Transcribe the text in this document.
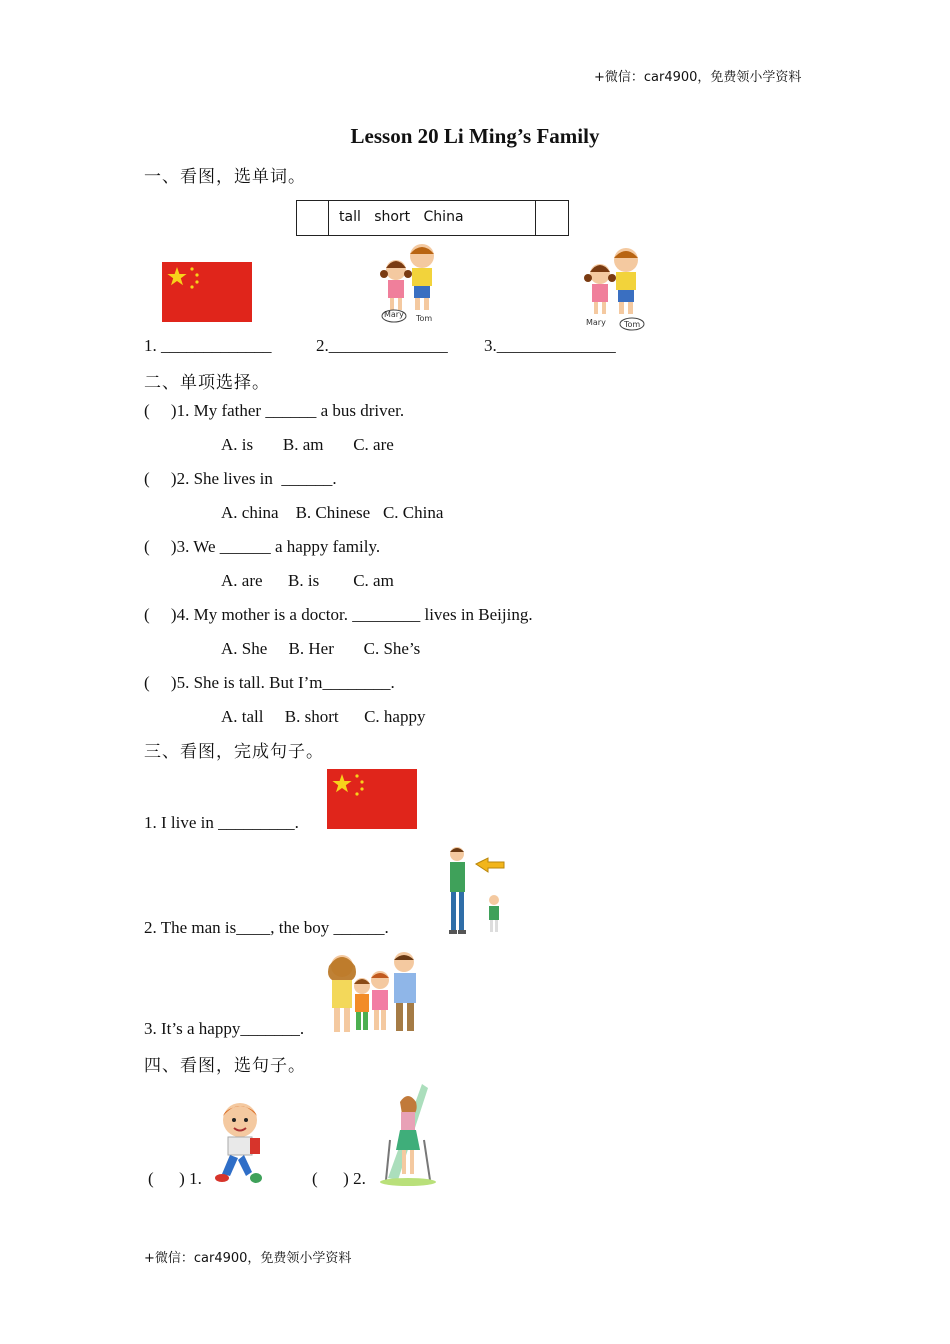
+微信：car4900，免费领小学资料
+微信：car4900，免费领小学资料
Lesson 20 Li Ming’s Family
一、看图，选单词。
tall   short   China
Mary Tom	Mary Tom
1. _____________	2.______________ 3.______________
二、单项选择。
(     )1. My father ______ a bus driver.
A. is       B. am       C. are
(     )2. She lives in  ______.
A. china    B. Chinese   C. China
(     )3. We ______ a happy family.
A. are      B. is        C. am
(     )4. My mother is a doctor. ________ lives in Beijing.
A. She     B. Her       C. She’s
(     )5. She is tall. But I’m________.
A. tall     B. short      C. happy
三、看图，完成句子。
1. I live in _________.
2. The man is____, the boy ______.
3. It’s a happy_______.
四、看图，选句子。
(      ) 1.	(      ) 2.
